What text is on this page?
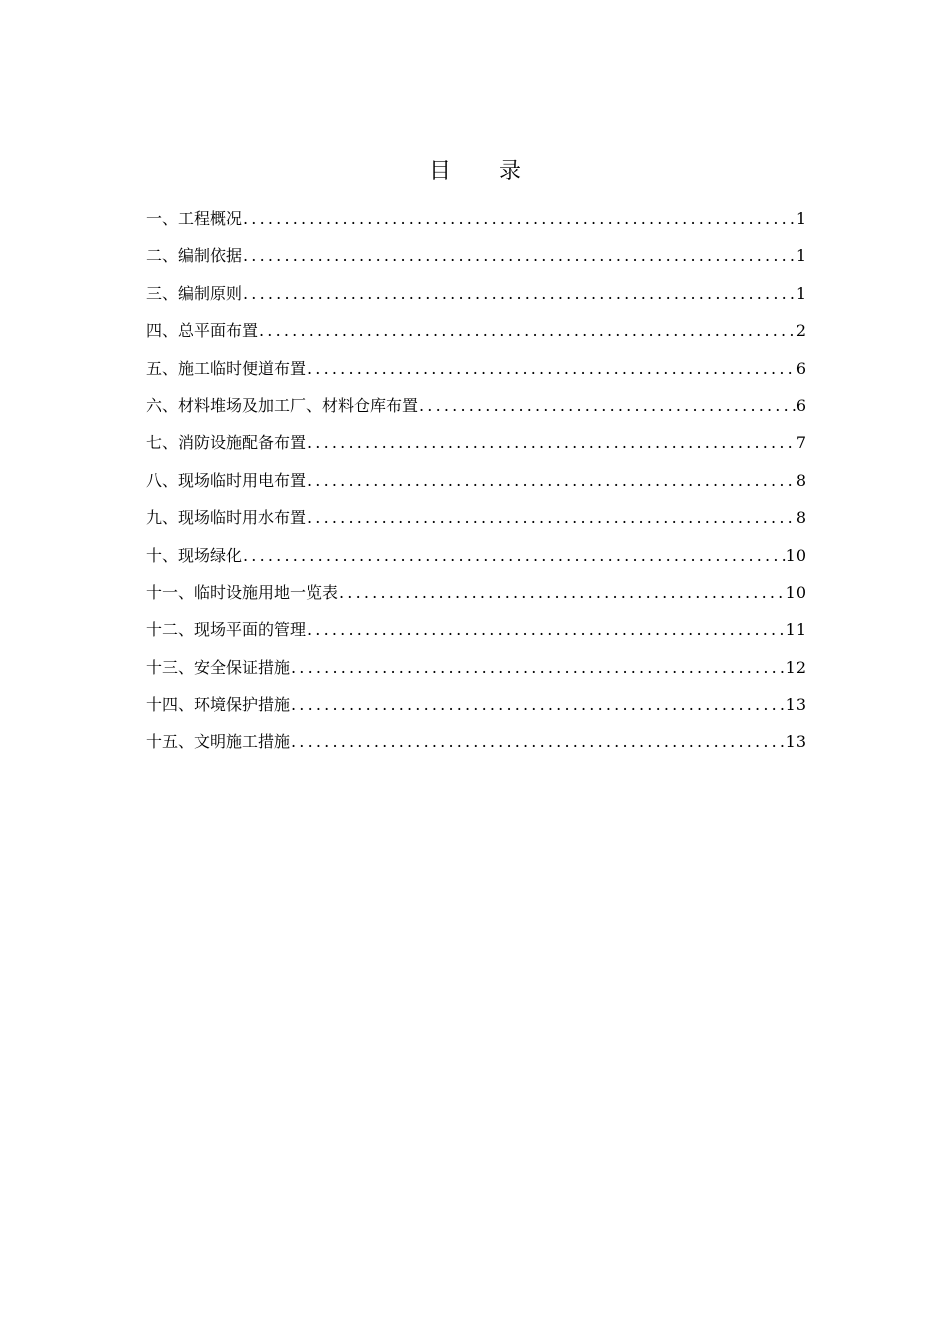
目 录
一、工程概况 .....	1
二、编制依据 .....	1
三、编制原则 .....	1
四、总平面布置 .....	2
五、施工临时便道布置 .....	6
六、材料堆场及加工厂、材料仓库布置 .....	6
七、消防设施配备布置 .....	7
八、现场临时用电布置 .....	8
九、现场临时用水布置 .....	8
十、现场绿化 .....	10
十一、临时设施用地一览表 .....	10
十二、现场平面的管理 .....	11
十三、安全保证措施 .....	12
十四、环境保护措施 .....	13
十五、文明施工措施 .....	13
